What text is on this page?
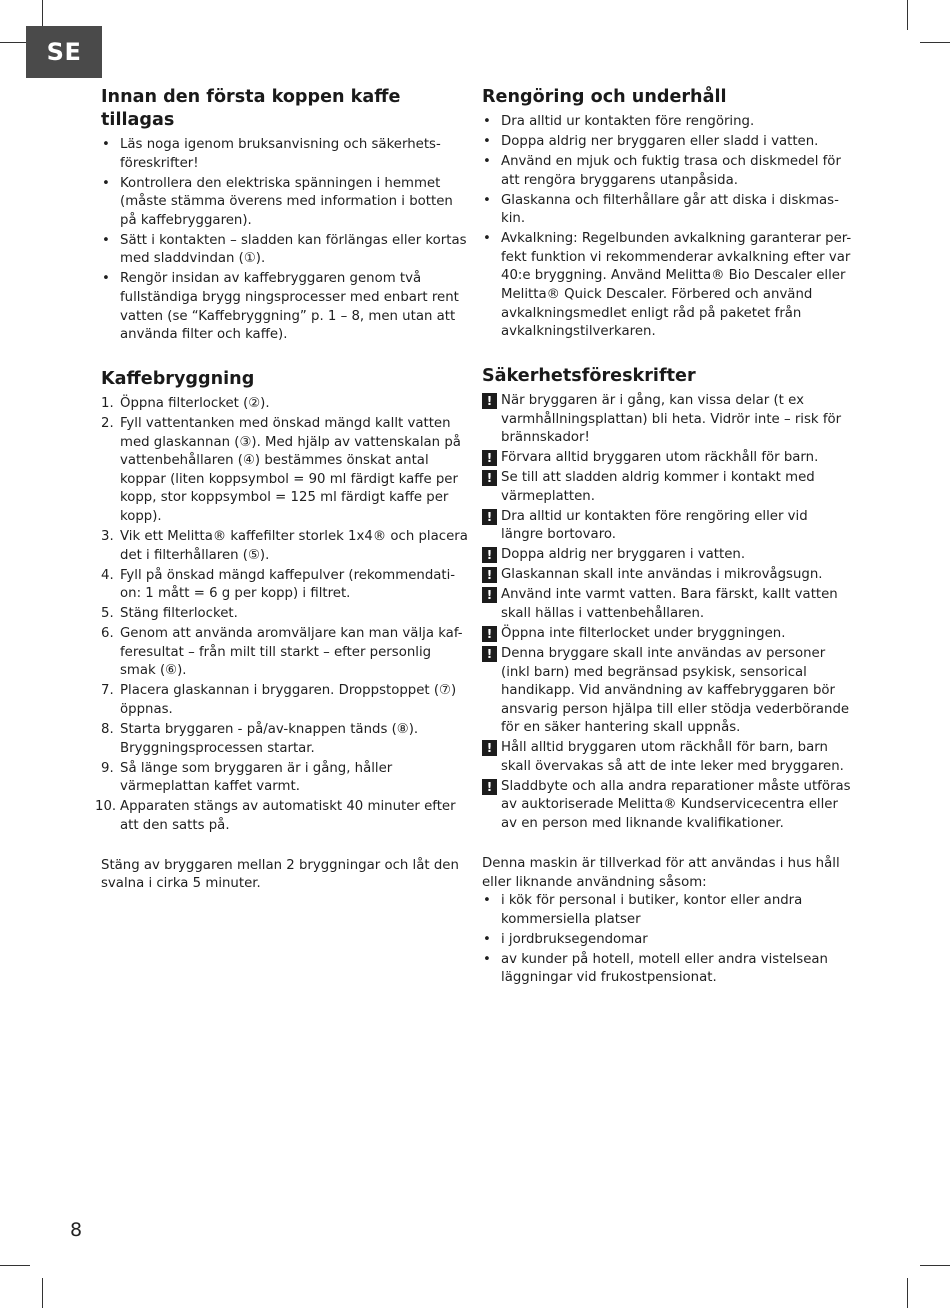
SE
Innan den första koppen kaffe
tillagas
• Läs noga igenom bruksanvisning och säkerhets-föreskrifter!
• Kontrollera den elektriska spänningen i hemmet (måste stämma överens med information i botten på kaffebryggaren).
• Sätt i kontakten – sladden kan förlängas eller kortas med sladdvindan (①).
• Rengör insidan av kaffebryggaren genom två fullständiga brygg ningsprocesser med enbart rent vatten (se “Kaffebryggning” p. 1 – 8, men utan att använda filter och kaffe).
Kaffebryggning
1. Öppna filterlocket (②).
2. Fyll vattentanken med önskad mängd kallt vatten med glaskannan (③). Med hjälp av vattenskalan på vattenbehållaren (④) bestämmes önskat antal koppar (liten koppsymbol = 90 ml färdigt kaffe per kopp, stor koppsymbol = 125 ml färdigt kaffe per kopp).
3. Vik ett Melitta® kaffefilter storlek 1x4® och placera det i filterhållaren (⑤).
4. Fyll på önskad mängd kaffepulver (rekommendati-on: 1 mått = 6 g per kopp) i filtret.
5. Stäng filterlocket.
6. Genom att använda aromväljare kan man välja kaf-feresultat – från milt till starkt – efter personlig smak (⑥).
7. Placera glaskannan i bryggaren. Droppstoppet (⑦) öppnas.
8. Starta bryggaren - på/av-knappen tänds (⑧). Bryggningsprocessen startar.
9. Så länge som bryggaren är i gång, håller värmeplattan kaffet varmt.
10. Apparaten stängs av automatiskt 40 minuter efter att den satts på.

Stäng av bryggaren mellan 2 bryggningar och låt den svalna i cirka 5 minuter.

Rengöring och underhåll
• Dra alltid ur kontakten före rengöring.
• Doppa aldrig ner bryggaren eller sladd i vatten.
• Använd en mjuk och fuktig trasa och diskmedel för att rengöra bryggarens utanpåsida.
• Glaskanna och filterhållare går att diska i diskmas-kin.
• Avkalkning: Regelbunden avkalkning garanterar per-fekt funktion vi rekommenderar avkalkning efter var 40:e bryggning. Använd Melitta® Bio Descaler eller Melitta® Quick Descaler. Förbered och använd avkalkningsmedlet enligt råd på paketet från avkalkningstilverkaren.
Säkerhetsföreskrifter
! När bryggaren är i gång, kan vissa delar (t ex varmhållningsplattan) bli heta. Vidrör inte – risk för brännskador!
! Förvara alltid bryggaren utom räckhåll för barn.
! Se till att sladden aldrig kommer i kontakt med värmeplatten.
! Dra alltid ur kontakten före rengöring eller vid längre bortovaro.
! Doppa aldrig ner bryggaren i vatten.
! Glaskannan skall inte användas i mikrovågsugn.
! Använd inte varmt vatten. Bara färskt, kallt vatten skall hällas i vattenbehållaren.
! Öppna inte filterlocket under bryggningen.
! Denna bryggare skall inte användas av personer (inkl barn) med begränsad psykisk, sensorical handikapp. Vid användning av kaffebryggaren bör ansvarig person hjälpa till eller stödja vederbörande för en säker hantering skall uppnås.
! Håll alltid bryggaren utom räckhåll för barn, barn skall övervakas så att de inte leker med bryggaren.
! Sladdbyte och alla andra reparationer måste utföras av auktoriserade Melitta® Kundservicecentra eller av en person med liknande kvalifikationer.

Denna maskin är tillverkad för att användas i hus håll eller liknande användning såsom:

• i kök för personal i butiker, kontor eller andra kommersiella platser
• i jordbruksegendomar
• av kunder på hotell, motell eller andra vistelsean läggningar vid frukostpensionat.
8
